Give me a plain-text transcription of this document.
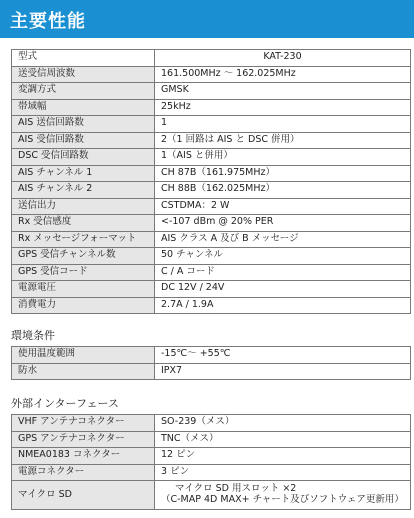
主要性能
型式	KAT-230
送受信周波数	161.500MHz ～ 162.025MHz
変調方式	GMSK
帯域幅	25kHz
AIS 送信回路数	1
AIS 受信回路数	2（1 回路は AIS と DSC 併用）
DSC 受信回路数	1（AIS と併用）
AIS チャンネル 1	CH 87B（161.975MHz）
AIS チャンネル 2	CH 88B（162.025MHz）
送信出力	CSTDMA：2 W
Rx 受信感度	<-107 dBm @ 20% PER
Rx メッセージフォーマット	AIS クラス A 及び B メッセージ
GPS 受信チャンネル数	50 チャンネル
GPS 受信コード	C / A コード
電源電圧	DC 12V / 24V
消費電力	2.7A / 1.9A
環境条件
使用温度範囲	-15℃～ +55℃
防水	IPX7
外部インターフェース
VHF アンテナコネクター	SO-239（メス）
GPS アンテナコネクター	TNC（メス）
NMEA0183 コネクター	12 ピン
電源コネクター	3 ピン
マイクロ SD	マイクロ SD 用スロット ×2
（C-MAP 4D MAX+ チャート及びソフトウェア更新用）
